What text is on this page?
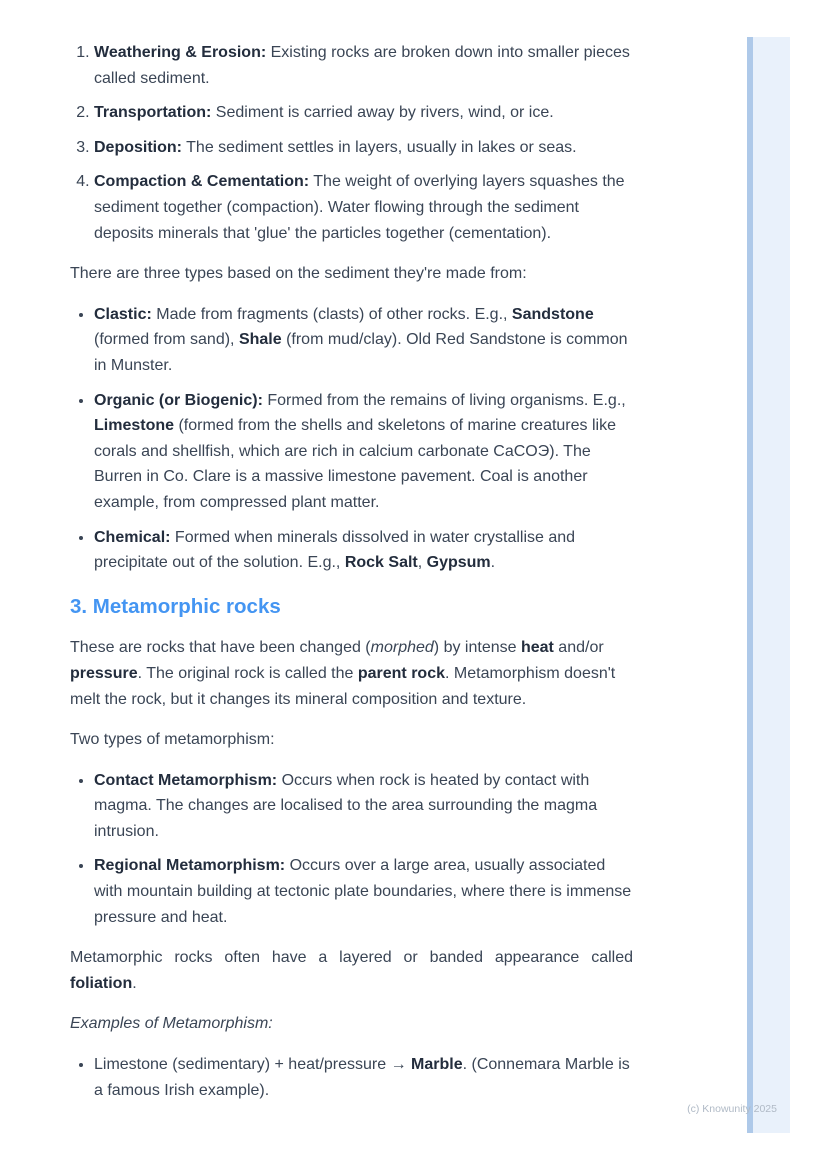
1. Weathering & Erosion: Existing rocks are broken down into smaller pieces called sediment.
2. Transportation: Sediment is carried away by rivers, wind, or ice.
3. Deposition: The sediment settles in layers, usually in lakes or seas.
4. Compaction & Cementation: The weight of overlying layers squashes the sediment together (compaction). Water flowing through the sediment deposits minerals that 'glue' the particles together (cementation).

There are three types based on the sediment they're made from:

• Clastic: Made from fragments (clasts) of other rocks. E.g., Sandstone (formed from sand), Shale (from mud/clay). Old Red Sandstone is common in Munster.
• Organic (or Biogenic): Formed from the remains of living organisms. E.g., Limestone (formed from the shells and skeletons of marine creatures like corals and shellfish, which are rich in calcium carbonate CaCOЭ). The Burren in Co. Clare is a massive limestone pavement. Coal is another example, from compressed plant matter.
• Chemical: Formed when minerals dissolved in water crystallise and precipitate out of the solution. E.g., Rock Salt, Gypsum.
3. Metamorphic rocks

These are rocks that have been changed (morphed) by intense heat and/or pressure. The original rock is called the parent rock. Metamorphism doesn't melt the rock, but it changes its mineral composition and texture.

Two types of metamorphism:

• Contact Metamorphism: Occurs when rock is heated by contact with magma. The changes are localised to the area surrounding the magma intrusion.
• Regional Metamorphism: Occurs over a large area, usually associated with mountain building at tectonic plate boundaries, where there is immense pressure and heat.

Metamorphic rocks often have a layered or banded appearance called foliation.

Examples of Metamorphism:

• Limestone (sedimentary) + heat/pressure → Marble. (Connemara Marble is a famous Irish example).
(c) Knowunity 2025
